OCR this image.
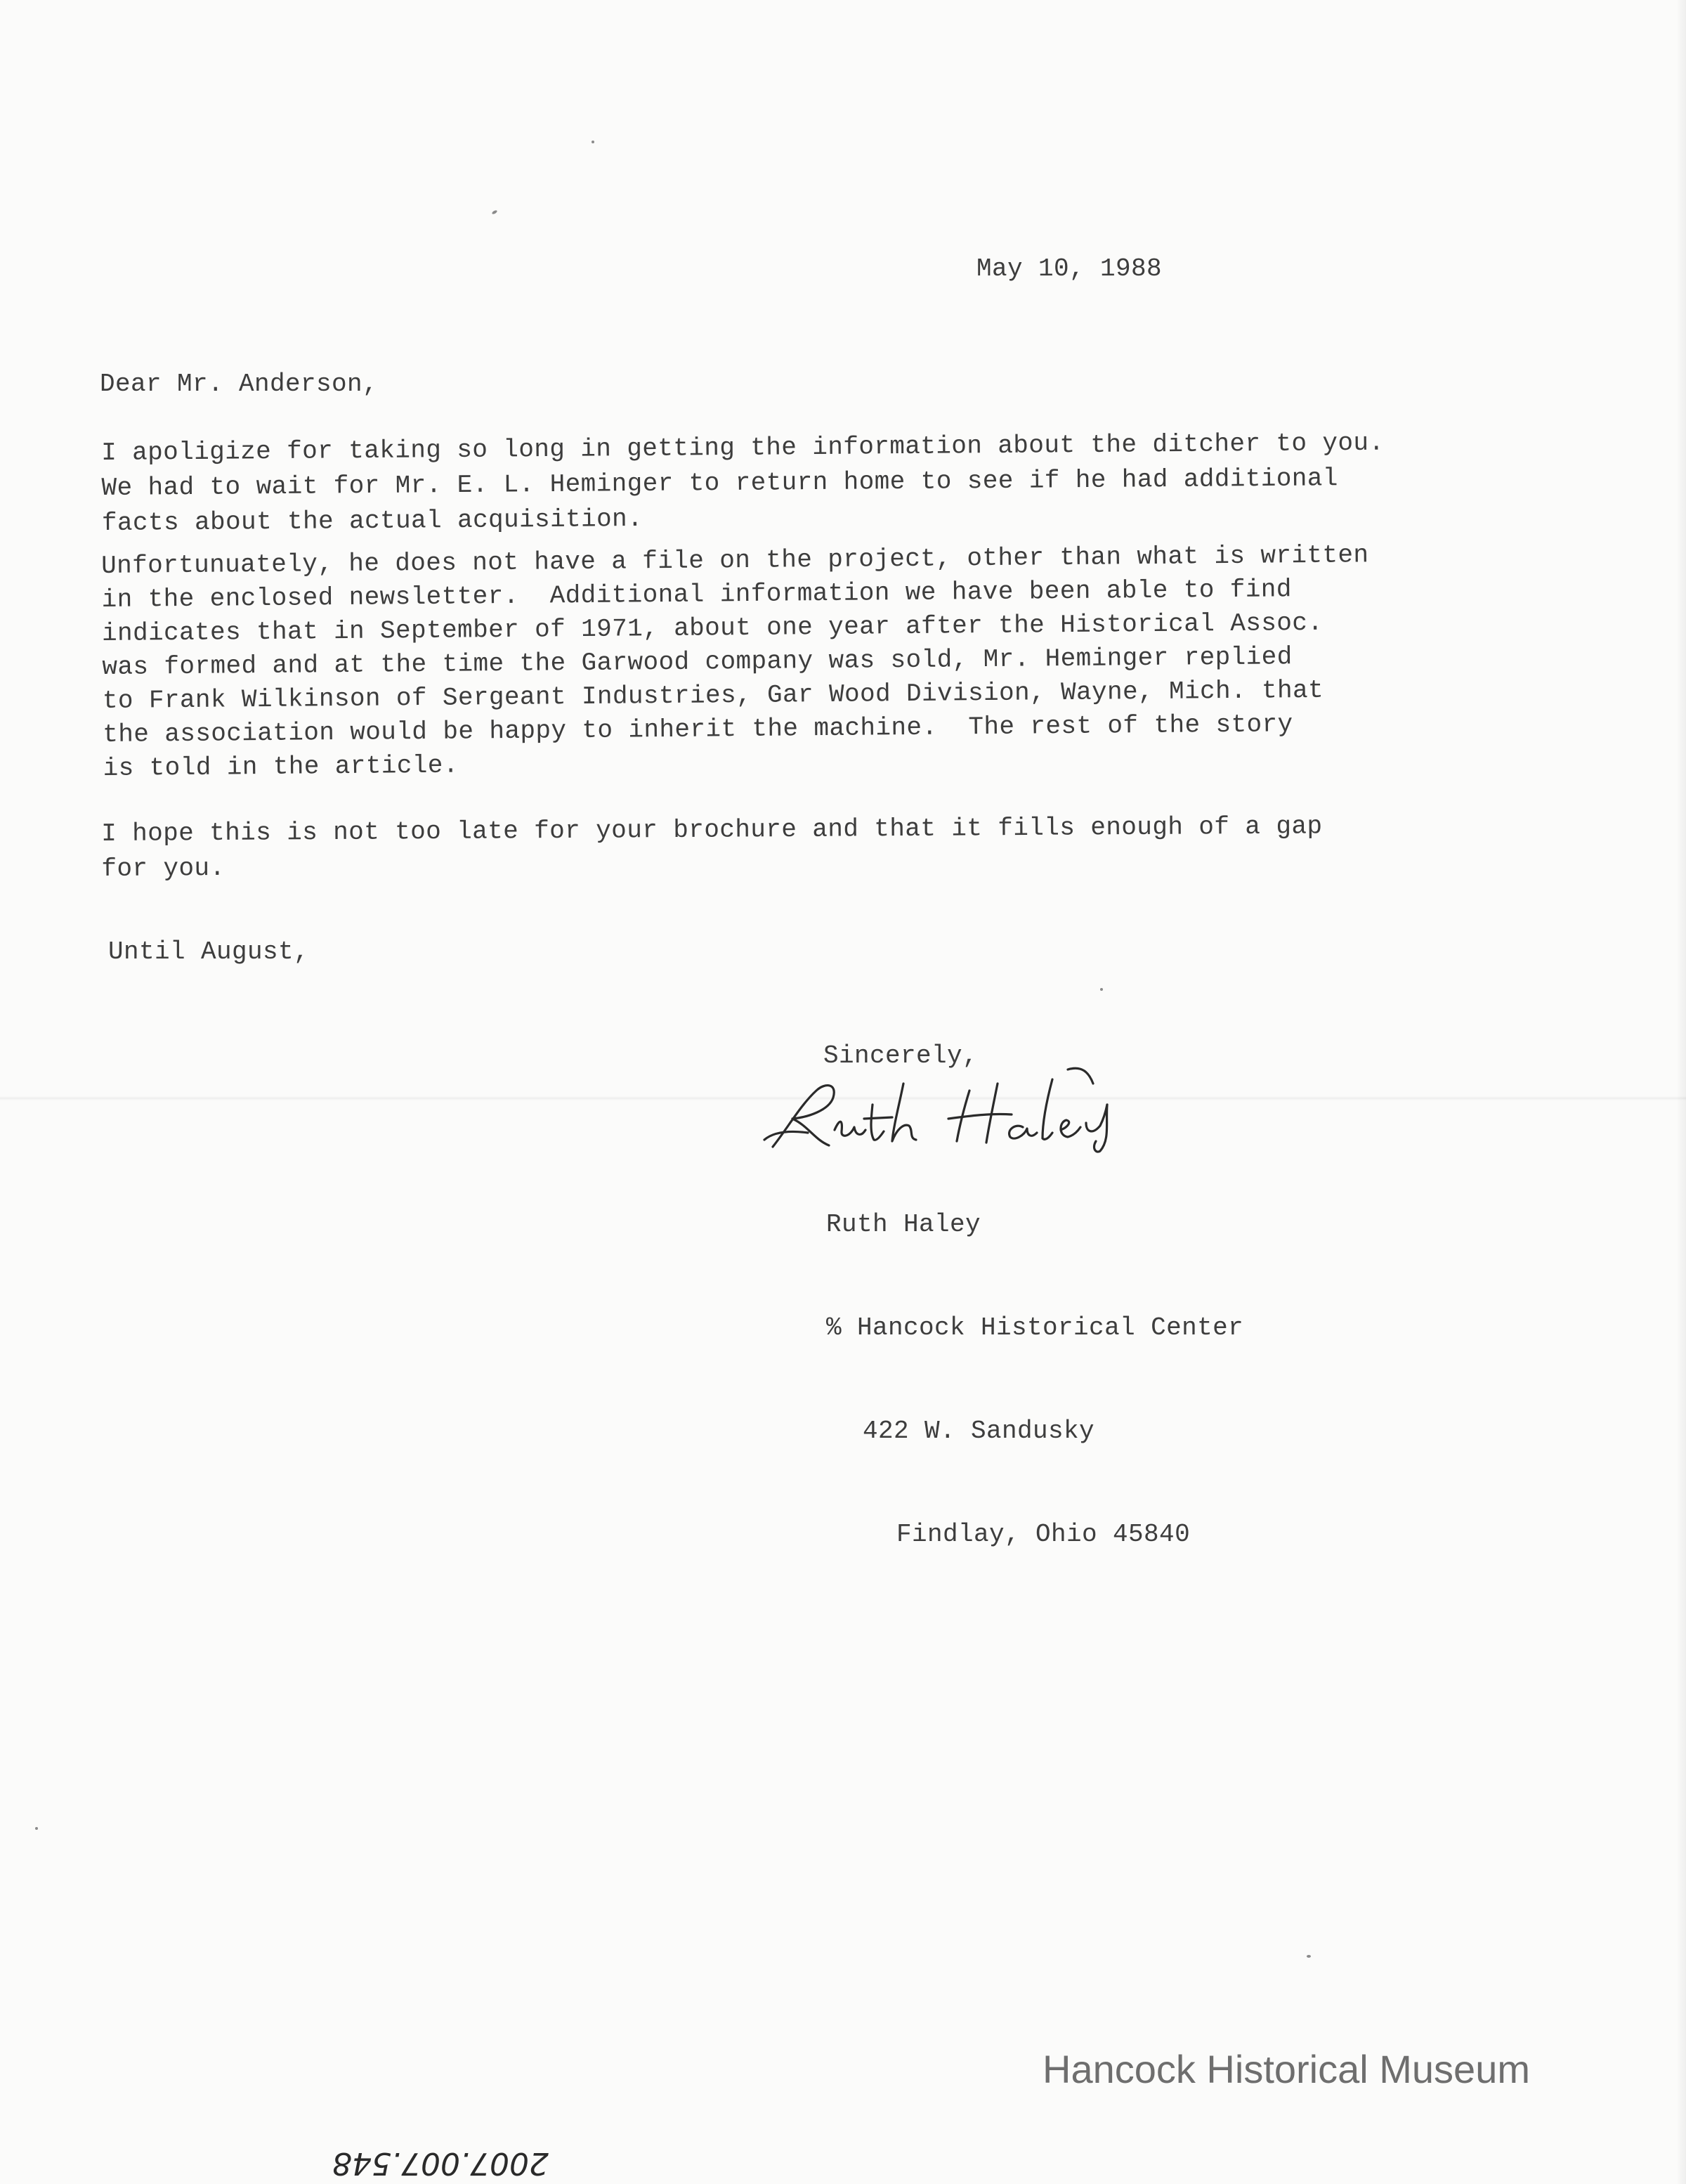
May 10, 1988
Dear Mr. Anderson,
I apoligize for taking so long in getting the information about the ditcher to you.
We had to wait for Mr. E. L. Heminger to return home to see if he had additional
facts about the actual acquisition.
Unfortunuately, he does not have a file on the project, other than what is written
in the enclosed newsletter.  Additional information we have been able to find
indicates that in September of 1971, about one year after the Historical Assoc.
was formed and at the time the Garwood company was sold, Mr. Heminger replied
to Frank Wilkinson of Sergeant Industries, Gar Wood Division, Wayne, Mich. that
the association would be happy to inherit the machine.  The rest of the story
is told in the article.
I hope this is not too late for your brochure and that it fills enough of a gap
for you.
Until August,
Sincerely,

Ruth Haley

% Hancock Historical Center

422 W. Sandusky

Findlay, Ohio 45840

Hancock Historical Museum
2007.007.548
